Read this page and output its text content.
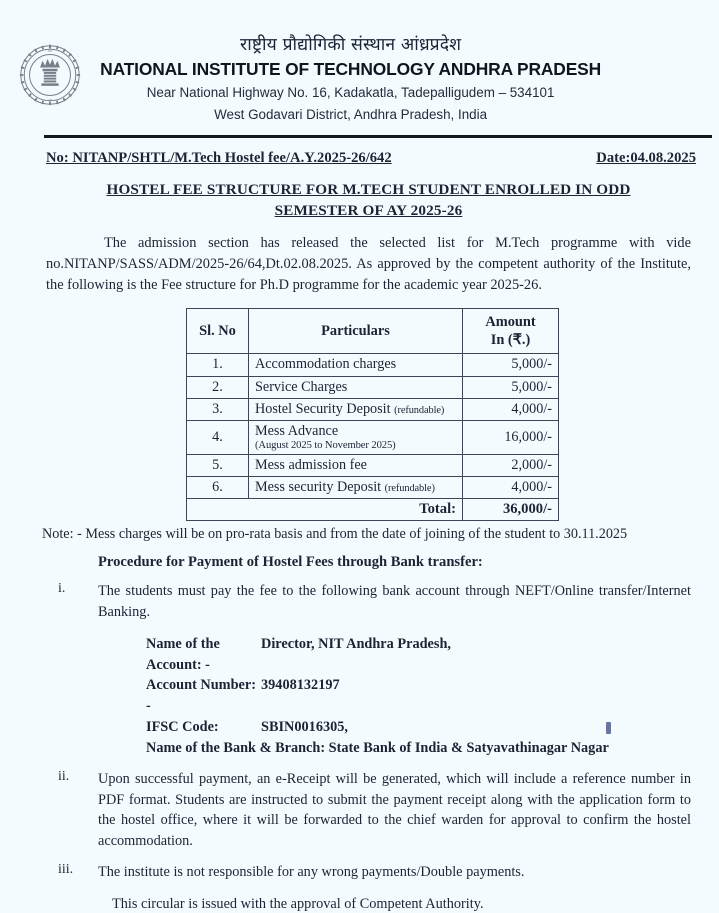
NIT
AP
राष्ट्रीय प्रौद्योगिकी संस्थान आंध्रप्रदेश
NATIONAL INSTITUTE OF TECHNOLOGY ANDHRA PRADESH
Near National Highway No. 16, Kadakatla, Tadepalligudem – 534101
West Godavari District, Andhra Pradesh, India
No: NITANP/SHTL/M.Tech Hostel fee/A.Y.2025-26/642	Date:04.08.2025
HOSTEL FEE STRUCTURE FOR M.TECH STUDENT ENROLLED IN ODD
SEMESTER OF AY 2025-26
The admission section has released the selected list for M.Tech programme with vide no.NITANP/SASS/ADM/2025-26/64,Dt.02.08.2025. As approved by the competent authority of the Institute, the following is the Fee structure for Ph.D programme for the academic year 2025-26.
Sl. No	Particulars	Amount
In (₹.)
1.	Accommodation charges	5,000/-
2.	Service Charges	5,000/-
3.	Hostel Security Deposit (refundable)	4,000/-
4.	Mess Advance
(August 2025 to November 2025)	16,000/-
5.	Mess admission fee	2,000/-
6.	Mess security Deposit (refundable)	4,000/-
Total:		36,000/-
Note: - Mess charges will be on pro-rata basis and from the date of joining of the student to 30.11.2025
Procedure for Payment of Hostel Fees through Bank transfer:
i.	The students must pay the fee to the following bank account through NEFT/Online transfer/Internet Banking.
Name of the Account: -
Director, NIT Andhra Pradesh,
Account Number: -
39408132197
IFSC Code:	SBIN0016305,
Name of the Bank & Branch: State Bank of India & Satyavathinagar Nagar
ii.	Upon successful payment, an e-Receipt will be generated, which will include a reference number in PDF format. Students are instructed to submit the payment receipt along with the application form to the hostel office, where it will be forwarded to the chief warden for approval to confirm the hostel accommodation.
iii.	The institute is not responsible for any wrong payments/Double payments.
This circular is issued with the approval of Competent Authority.
